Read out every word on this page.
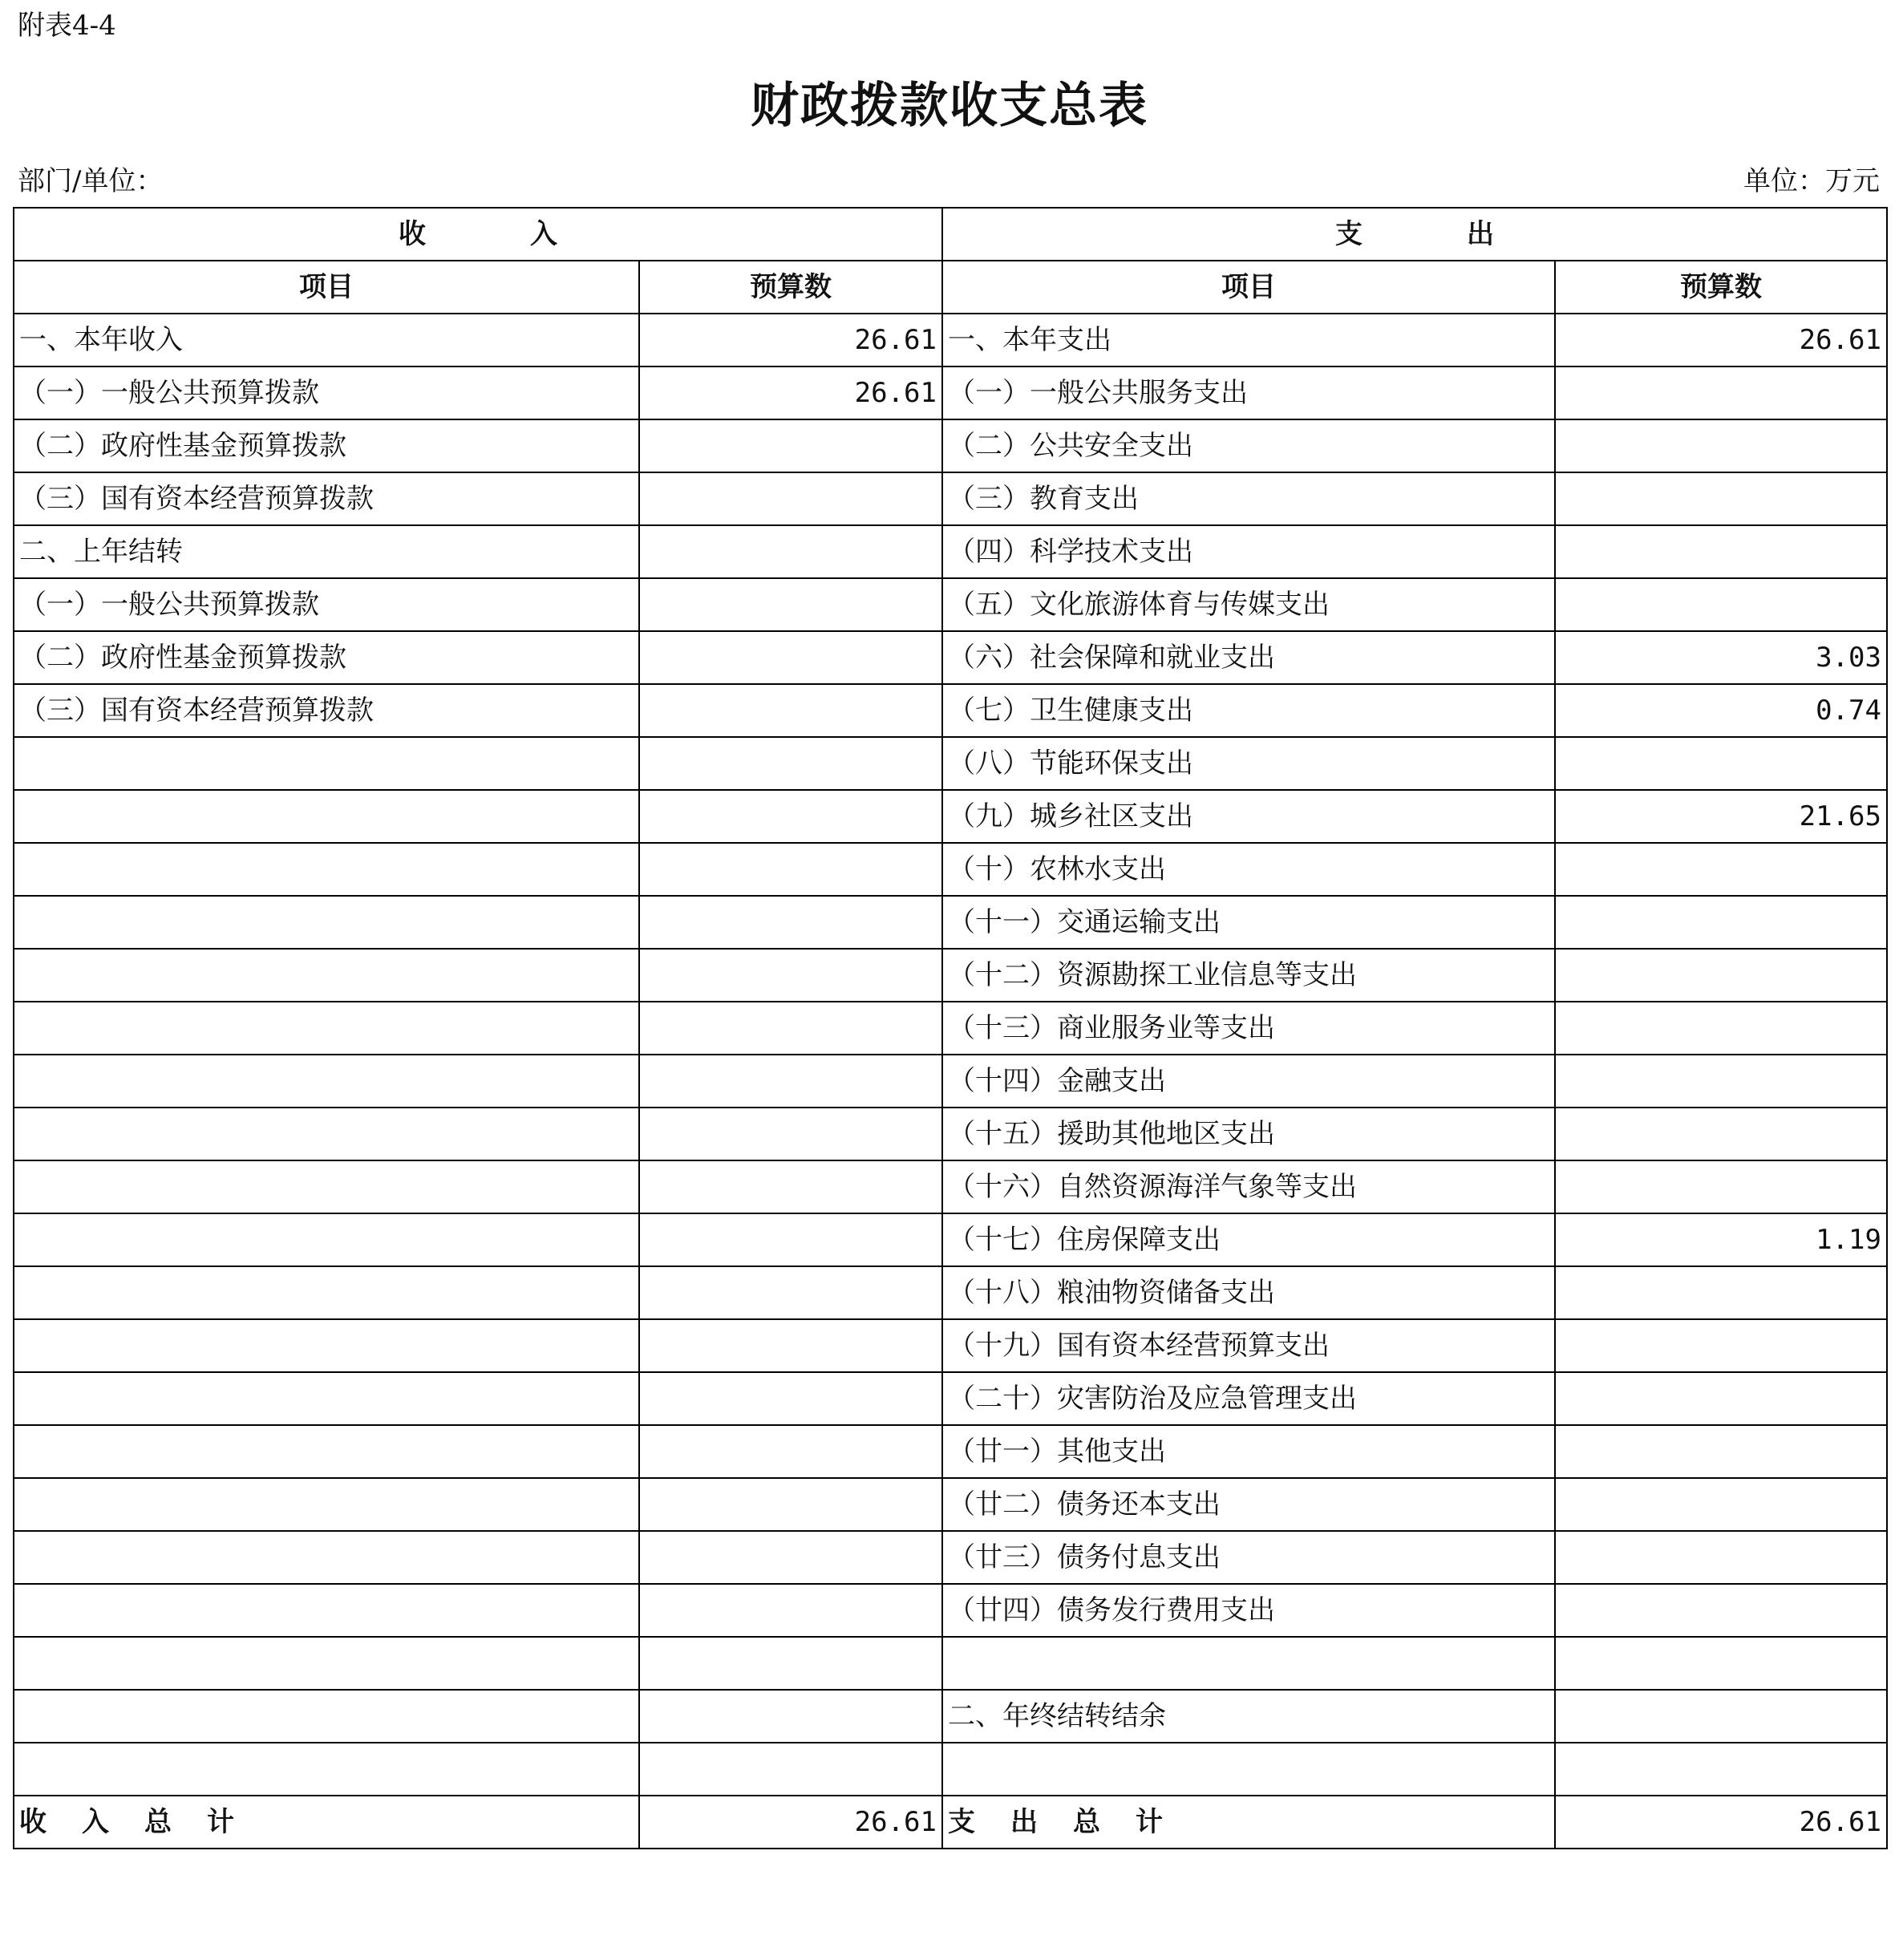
附表4-4
财政拨款收支总表
部门/单位：	单位：万元
收入		支出	
项目	预算数	项目	预算数
一、本年收入	26.61	一、本年支出	26.61
（一）一般公共预算拨款	26.61	（一）一般公共服务支出	
（二）政府性基金预算拨款		（二）公共安全支出	
（三）国有资本经营预算拨款		（三）教育支出	
二、上年结转		（四）科学技术支出	
（一）一般公共预算拨款		（五）文化旅游体育与传媒支出	
（二）政府性基金预算拨款		（六）社会保障和就业支出	3.03
（三）国有资本经营预算拨款		（七）卫生健康支出	0.74
		（八）节能环保支出	
		（九）城乡社区支出	21.65
		（十）农林水支出	
		（十一）交通运输支出	
		（十二）资源勘探工业信息等支出	
		（十三）商业服务业等支出	
		（十四）金融支出	
		（十五）援助其他地区支出	
		（十六）自然资源海洋气象等支出	
		（十七）住房保障支出	1.19
		（十八）粮油物资储备支出	
		（十九）国有资本经营预算支出	
		（二十）灾害防治及应急管理支出	
		（廿一）其他支出	
		（廿二）债务还本支出	
		（廿三）债务付息支出	
		（廿四）债务发行费用支出	

		二、年终结转结余	

收入总计	26.61	支出总计	26.61
